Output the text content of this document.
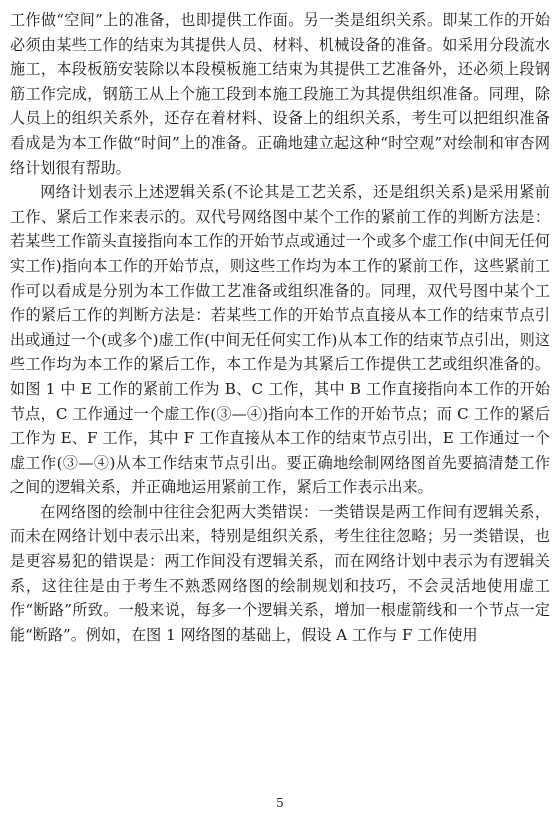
工作做“空间”上的准备，也即提供工作面。另一类是组织关系。即某工作的开始必须由某些工作的结束为其提供人员、材料、机械设备的准备。如采用分段流水施工，本段板筋安装除以本段模板施工结束为其提供工艺准备外，还必须上段钢筋工作完成，钢筋工从上个施工段到本施工段施工为其提供组织准备。同理，除人员上的组织关系外，还存在着材料、设备上的组织关系，考生可以把组织准备看成是为本工作做“时间”上的准备。正确地建立起这种“时空观”对绘制和审杏网络计划很有帮助。

网络计划表示上述逻辑关系(不论其是工艺关系，还是组织关系)是采用紧前工作、紧后工作来表示的。双代号网络图中某个工作的紧前工作的判断方法是：若某些工作箭头直接指向本工作的开始节点或通过一个或多个虚工作(中间无任何实工作)指向本工作的开始节点，则这些工作均为本工作的紧前工作，这些紧前工作可以看成是分别为本工作做工艺准备或组织准备的。同理，双代号图中某个工作的紧后工作的判断方法是：若某些工作的开始节点直接从本工作的结束节点引出或通过一个(或多个)虚工作(中间无任何实工作)从本工作的结束节点引出，则这些工作均为本工作的紧后工作，本工作是为其紧后工作提供工艺或组织准备的。如图 1 中 E 工作的紧前工作为 B、C 工作，其中 B 工作直接指向本工作的开始节点，C 工作通过一个虚工作(③—④)指向本工作的开始节点；而 C 工作的紧后工作为 E、F 工作，其中 F 工作直接从本工作的结束节点引出，E 工作通过一个虚工作(③—④)从本工作结束节点引出。要正确地绘制网络图首先要搞清楚工作之间的逻辑关系，并正确地运用紧前工作，紧后工作表示出来。

在网络图的绘制中往往会犯两大类错误：一类错误是两工作间有逻辑关系，而未在网络计划中表示出来，特别是组织关系，考生往往忽略；另一类错误，也是更容易犯的错误是：两工作间没有逻辑关系，而在网络计划中表示为有逻辑关系，这往往是由于考生不熟悉网络图的绘制规划和技巧，不会灵活地使用虚工作“断路”所致。一般来说，每多一个逻辑关系，增加一根虚箭线和一个节点一定能“断路”。例如，在图 1 网络图的基础上，假设 A 工作与 F 工作使用

5
